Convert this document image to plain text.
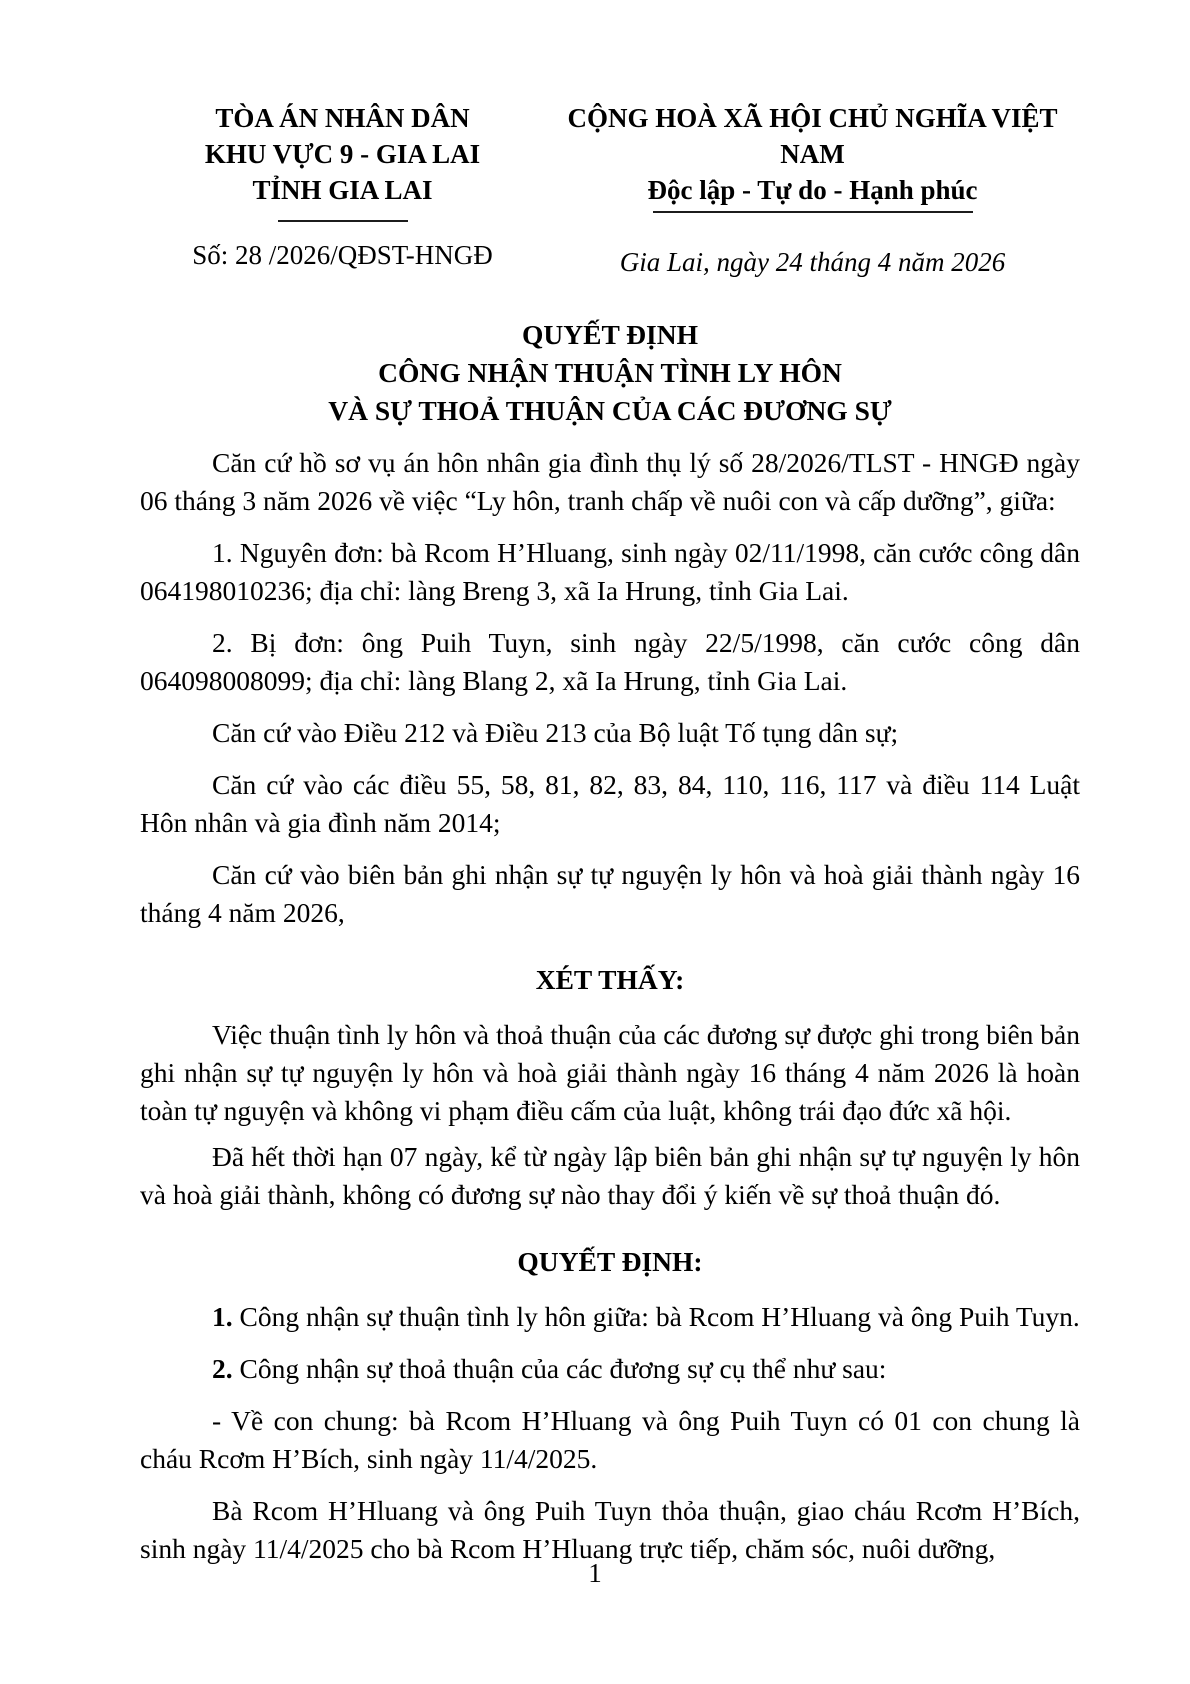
TÒA ÁN NHÂN DÂN
KHU VỰC 9 - GIA LAI
TỈNH GIA LAI
Số: 28 /2026/QĐST-HNGĐ
CỘNG HOÀ XÃ HỘI CHỦ NGHĨA VIỆT NAM
Độc lập - Tự do - Hạnh phúc
Gia Lai, ngày 24 tháng 4 năm 2026
QUYẾT ĐỊNH
CÔNG NHẬN THUẬN TÌNH LY HÔN
VÀ SỰ THOẢ THUẬN CỦA CÁC ĐƯƠNG SỰ

Căn cứ hồ sơ vụ án hôn nhân gia đình thụ lý số 28/2026/TLST - HNGĐ ngày 06 tháng 3 năm 2026 về việc “Ly hôn, tranh chấp về nuôi con và cấp dưỡng”, giữa:

1. Nguyên đơn: bà Rcom H’Hluang, sinh ngày 02/11/1998, căn cước công dân 064198010236; địa chỉ: làng Breng 3, xã Ia Hrung, tỉnh Gia Lai.

2. Bị đơn: ông Puih Tuyn, sinh ngày 22/5/1998, căn cước công dân 064098008099; địa chỉ: làng Blang 2, xã Ia Hrung, tỉnh Gia Lai.

Căn cứ vào Điều 212 và Điều 213 của Bộ luật Tố tụng dân sự;

Căn cứ vào các điều 55, 58, 81, 82, 83, 84, 110, 116, 117 và điều 114 Luật Hôn nhân và gia đình năm 2014;

Căn cứ vào biên bản ghi nhận sự tự nguyện ly hôn và hoà giải thành ngày 16 tháng 4 năm 2026,

XÉT THẤY:

Việc thuận tình ly hôn và thoả thuận của các đương sự được ghi trong biên bản ghi nhận sự tự nguyện ly hôn và hoà giải thành ngày 16 tháng 4 năm 2026 là hoàn toàn tự nguyện và không vi phạm điều cấm của luật, không trái đạo đức xã hội.

Đã hết thời hạn 07 ngày, kể từ ngày lập biên bản ghi nhận sự tự nguyện ly hôn và hoà giải thành, không có đương sự nào thay đổi ý kiến về sự thoả thuận đó.

QUYẾT ĐỊNH:

1. Công nhận sự thuận tình ly hôn giữa: bà Rcom H’Hluang và ông Puih Tuyn.

2. Công nhận sự thoả thuận của các đương sự cụ thể như sau:

- Về con chung: bà Rcom H’Hluang và ông Puih Tuyn có 01 con chung là cháu Rcơm H’Bích, sinh ngày 11/4/2025.

Bà Rcom H’Hluang và ông Puih Tuyn thỏa thuận, giao cháu Rcơm H’Bích, sinh ngày 11/4/2025 cho bà Rcom H’Hluang trực tiếp, chăm sóc, nuôi dưỡng,

1
